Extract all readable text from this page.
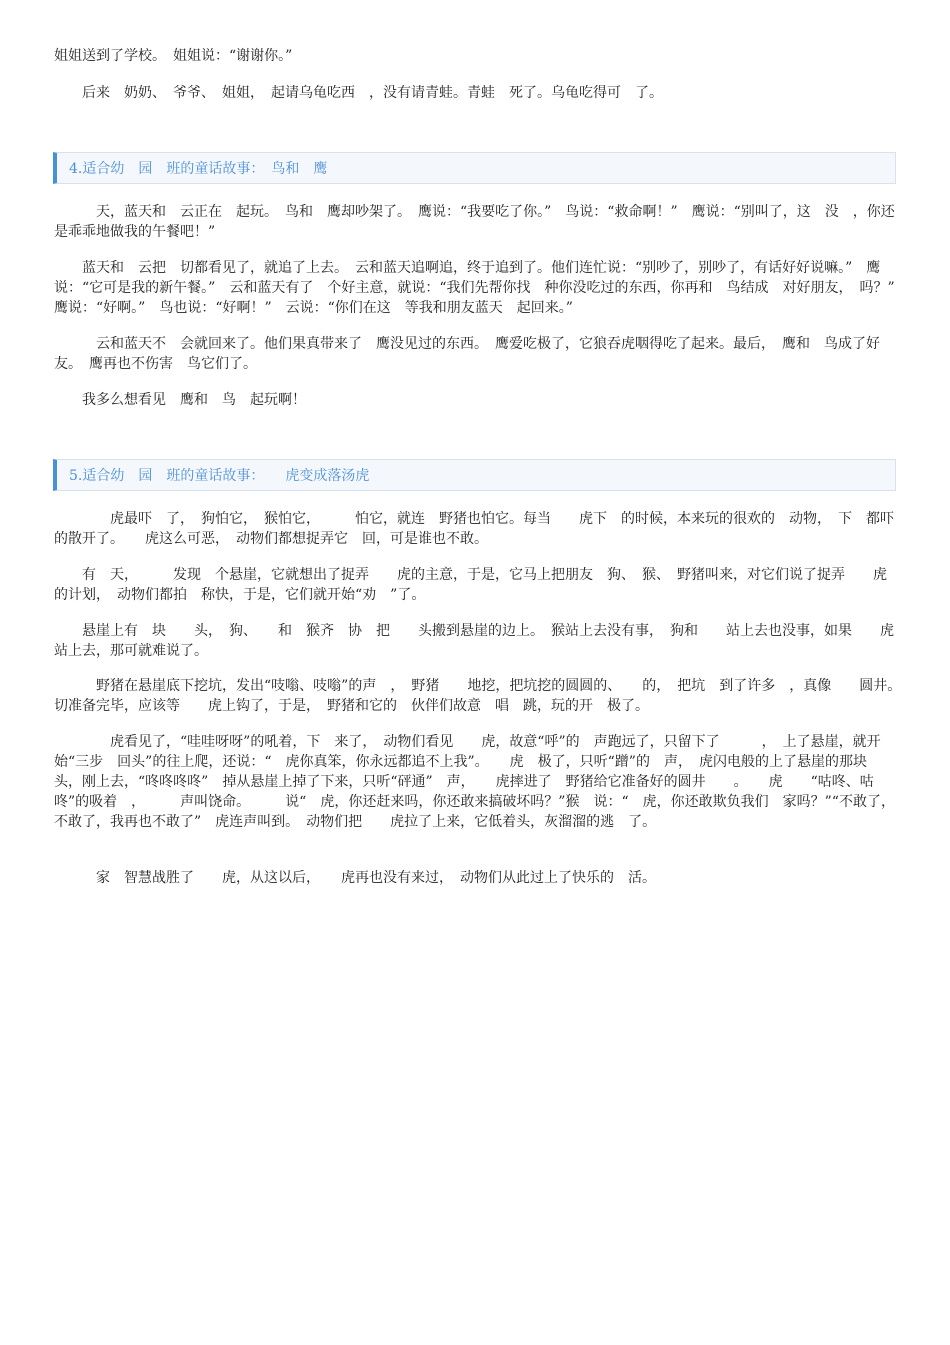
姐姐送到了学校。　姐姐说：“谢谢你。”

　　后来　奶奶、　爷爷、　姐姐，　起请乌龟吃西　，没有请青蛙。青蛙　死了。乌龟吃得可　了。

4.适合幼　园　班的童话故事：　鸟和　鹰

　　　天，蓝天和　云正在　起玩。　鸟和　鹰却吵架了。　鹰说：“我要吃了你。”　鸟说：“救命啊！”　鹰说：“别叫了，这　没　，你还是乖乖地做我的午餐吧！”

　　蓝天和　云把　切都看见了，就追了上去。　云和蓝天追啊追，终于追到了。他们连忙说：“别吵了，别吵了，有话好好说嘛。”　鹰说：“它可是我的新午餐。”　云和蓝天有了　个好主意，就说：“我们先帮你找　种你没吃过的东西，你再和　鸟结成　对好朋友，　吗？”　鹰说：“好啊。”　鸟也说：“好啊！”　云说：“你们在这　等我和朋友蓝天　起回来。”

　　　云和蓝天不　会就回来了。他们果真带来了　鹰没见过的东西。　鹰爱吃极了，它狼吞虎咽得吃了起来。最后，　鹰和　鸟成了好友。　鹰再也不伤害　鸟它们了。

　　我多么想看见　鹰和　鸟　起玩啊！

5.适合幼　园　班的童话故事：　　虎变成落汤虎

　　　　虎最吓　了，　狗怕它，　猴怕它，　　　怕它，就连　野猪也怕它。每当　　虎下　的时候，本来玩的很欢的　动物，　下　都吓的散开了。　　虎这么可恶，　动物们都想捉弄它　回，可是谁也不敢。

　　有　天，　　　发现　个悬崖，它就想出了捉弄　　虎的主意，于是，它马上把朋友　狗、　猴、　野猪叫来，对它们说了捉弄　　虎的计划，　动物们都拍　称快，于是，它们就开始“劝　”了。

　　悬崖上有　块　　头，　狗、　　和　猴齐　协　把　　头搬到悬崖的边上。　猴站上去没有事，　狗和　　站上去也没事，如果　　虎站上去，那可就难说了。

　　　野猪在悬崖底下挖坑，发出“吱嗡、吱嗡”的声　，　野猪　　地挖，把坑挖的圆圆的、　　的，　把坑　到了许多　，真像　　圆井。　切准备完毕，应该等　　虎上钩了，于是，　野猪和它的　伙伴们故意　唱　跳，玩的开　极了。

　　　　虎看见了，“哇哇呀呀”的吼着，下　来了，　动物们看见　　虎，故意“呼”的　声跑远了，只留下了　　　，　上了悬崖，就开始“三步　回头”的往上爬，还说：“　虎你真笨，你永远都追不上我”。　　虎　极了，只听“蹭”的　声，　虎闪电般的上了悬崖的那块　　头，刚上去，“咚咚咚咚”　掉从悬崖上掉了下来，只听“砰通”　声，　　虎摔进了　野猪给它准备好的圆井　　。　　虎　　“咕咚、咕咚”的吸着　，　　　声叫饶命。　　　说“　虎，你还赶来吗，你还敢来搞破坏吗？”猴　说：“　虎，你还敢欺负我们　家吗？”“不敢了，不敢了，我再也不敢了”　虎连声叫到。　动物们把　　虎拉了上来，它低着头，灰溜溜的逃　了。

　　　家　智慧战胜了　　虎，从这以后，　　虎再也没有来过，　动物们从此过上了快乐的　活。
